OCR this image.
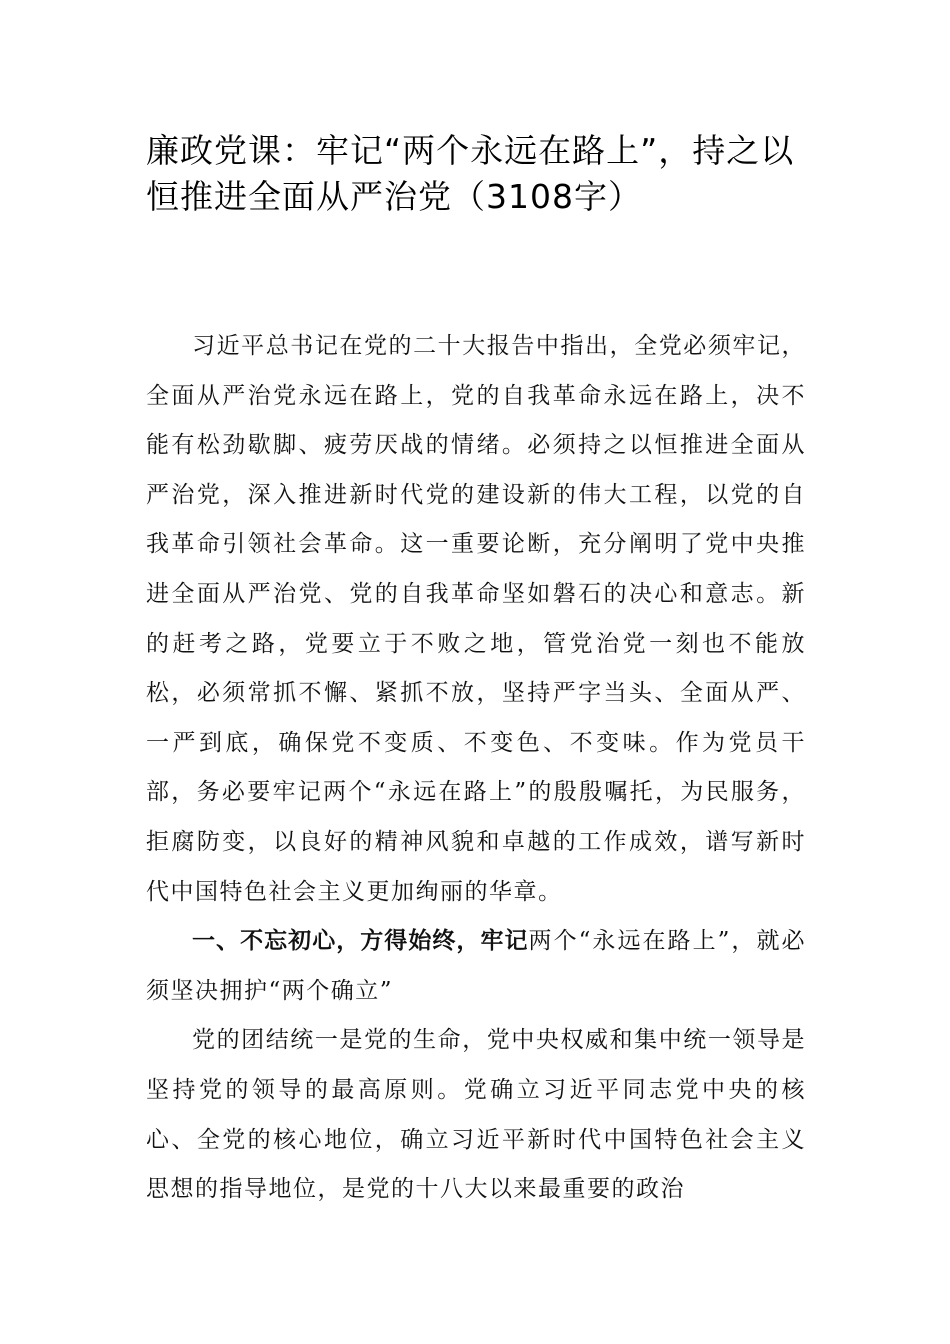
廉政党课：牢记“两个永远在路上”，持之以恒推进全面从严治党（3108字）

习近平总书记在党的二十大报告中指出，全党必须牢记，全面从严治党永远在路上，党的自我革命永远在路上，决不能有松劲歇脚、疲劳厌战的情绪。必须持之以恒推进全面从严治党，深入推进新时代党的建设新的伟大工程，以党的自我革命引领社会革命。这一重要论断，充分阐明了党中央推进全面从严治党、党的自我革命坚如磐石的决心和意志。新的赶考之路，党要立于不败之地，管党治党一刻也不能放松，必须常抓不懈、紧抓不放，坚持严字当头、全面从严、一严到底，确保党不变质、不变色、不变味。作为党员干部，务必要牢记两个“永远在路上”的殷殷嘱托，为民服务，拒腐防变，以良好的精神风貌和卓越的工作成效，谱写新时代中国特色社会主义更加绚丽的华章。

一、不忘初心，方得始终，牢记两个“永远在路上”，就必须坚决拥护“两个确立”

党的团结统一是党的生命，党中央权威和集中统一领导是坚持党的领导的最高原则。党确立习近平同志党中央的核心、全党的核心地位，确立习近平新时代中国特色社会主义思想的指导地位，是党的十八大以来最重要的政治
